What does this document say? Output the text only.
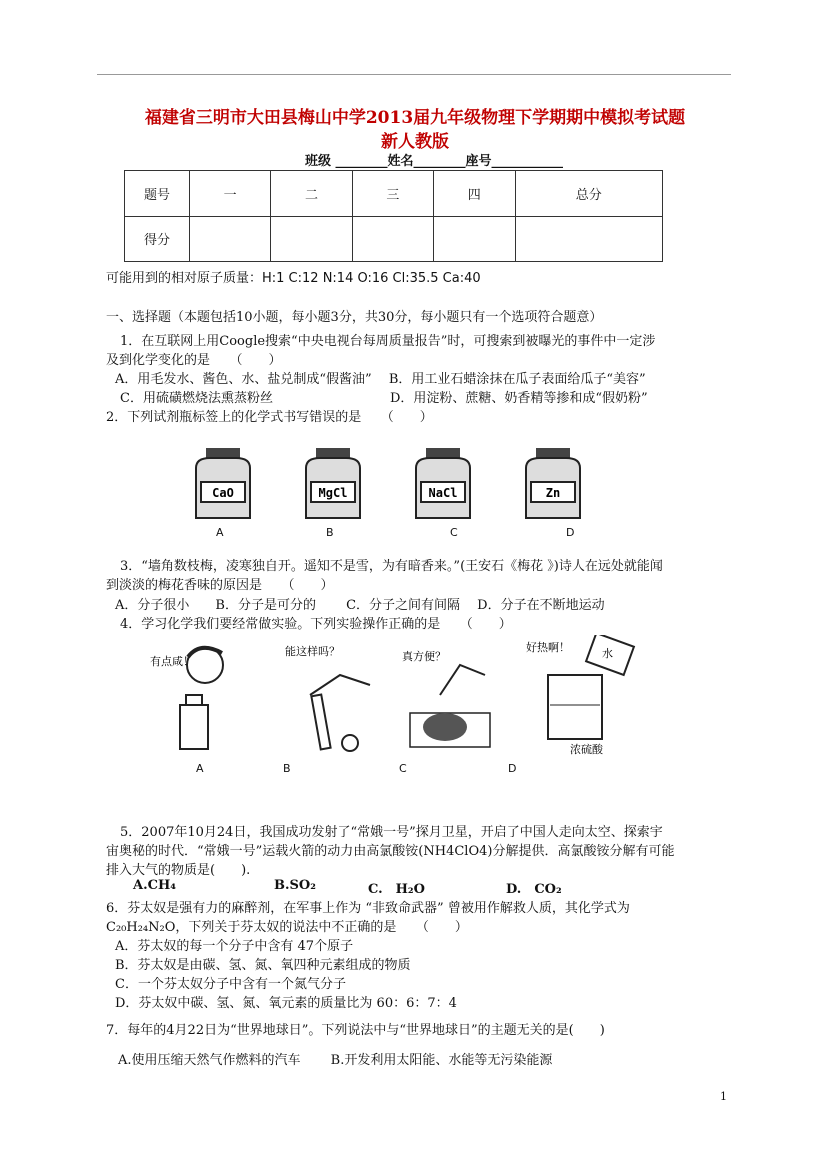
福建省三明市大田县梅山中学2013届九年级物理下学期期中模拟考试题
新人教版
班级 ________姓名________座号___________
题号	一	二	三	四	总分
得分					
可能用到的相对原子质量：H:1 C:12 N:14 O:16 Cl:35.5 Ca:40
一、选择题（本题包括10小题，每小题3分，共30分，每小题只有一个选项符合题意）
1．在互联网上用Coogle搜索“中央电视台每周质量报告”时，可搜索到被曝光的事件中一定涉
及到化学变化的是　　（　　）
A．用毛发水、酱色、水、盐兑制成“假酱油”　 B．用工业石蜡涂抹在瓜子表面给瓜子“美容”
C．用硫磺燃烧法熏蒸粉丝　　　　　　　　　D．用淀粉、蔗糖、奶香精等掺和成“假奶粉”
2．下列试剂瓶标签上的化学式书写错误的是　　（　　）
CaO	MgCl	NaCl	Zn
A	B	C	D
3．“墙角数枝梅，凌寒独自开。遥知不是雪，为有暗香来。”(王安石《梅花 》)诗人在远处就能闻
到淡淡的梅花香味的原因是　　（　　）
A．分子很小　　B．分子是可分的　　 C．分子之间有间隔　 D．分子在不断地运动
4．学习化学我们要经常做实验。下列实验操作正确的是　　（　　）
有点咸！
能这样吗？	真方便？	水
好热啊！
浓硫酸
A	B	C	D
5．2007年10月24日，我国成功发射了“常娥一号”探月卫星，开启了中国人走向太空、探索宇
宙奥秘的时代．“常娥一号”运载火箭的动力由高氯酸铵(NH4ClO4)分解提供．高氯酸铵分解有可能
排入大气的物质是(　　).
A.CH₄	B.SO₂	C.　H₂O	D.　CO₂
6．芬太奴是强有力的麻醉剂，在军事上作为 “非致命武器” 曾被用作解救人质，其化学式为
C₂₀H₂₄N₂O，下列关于芬太奴的说法中不正确的是　　（　　）
A．芬太奴的每一个分子中含有 47个原子
B．芬太奴是由碳、氢、氮、氧四种元素组成的物质
C．一个芬太奴分子中含有一个氮气分子
D．芬太奴中碳、氢、氮、氧元素的质量比为 60：6：7：4
7．每年的4月22日为“世界地球日”。下列说法中与“世界地球日”的主题无关的是(　　)
A.使用压缩天然气作燃料的汽车　　 B.开发利用太阳能、水能等无污染能源
1
